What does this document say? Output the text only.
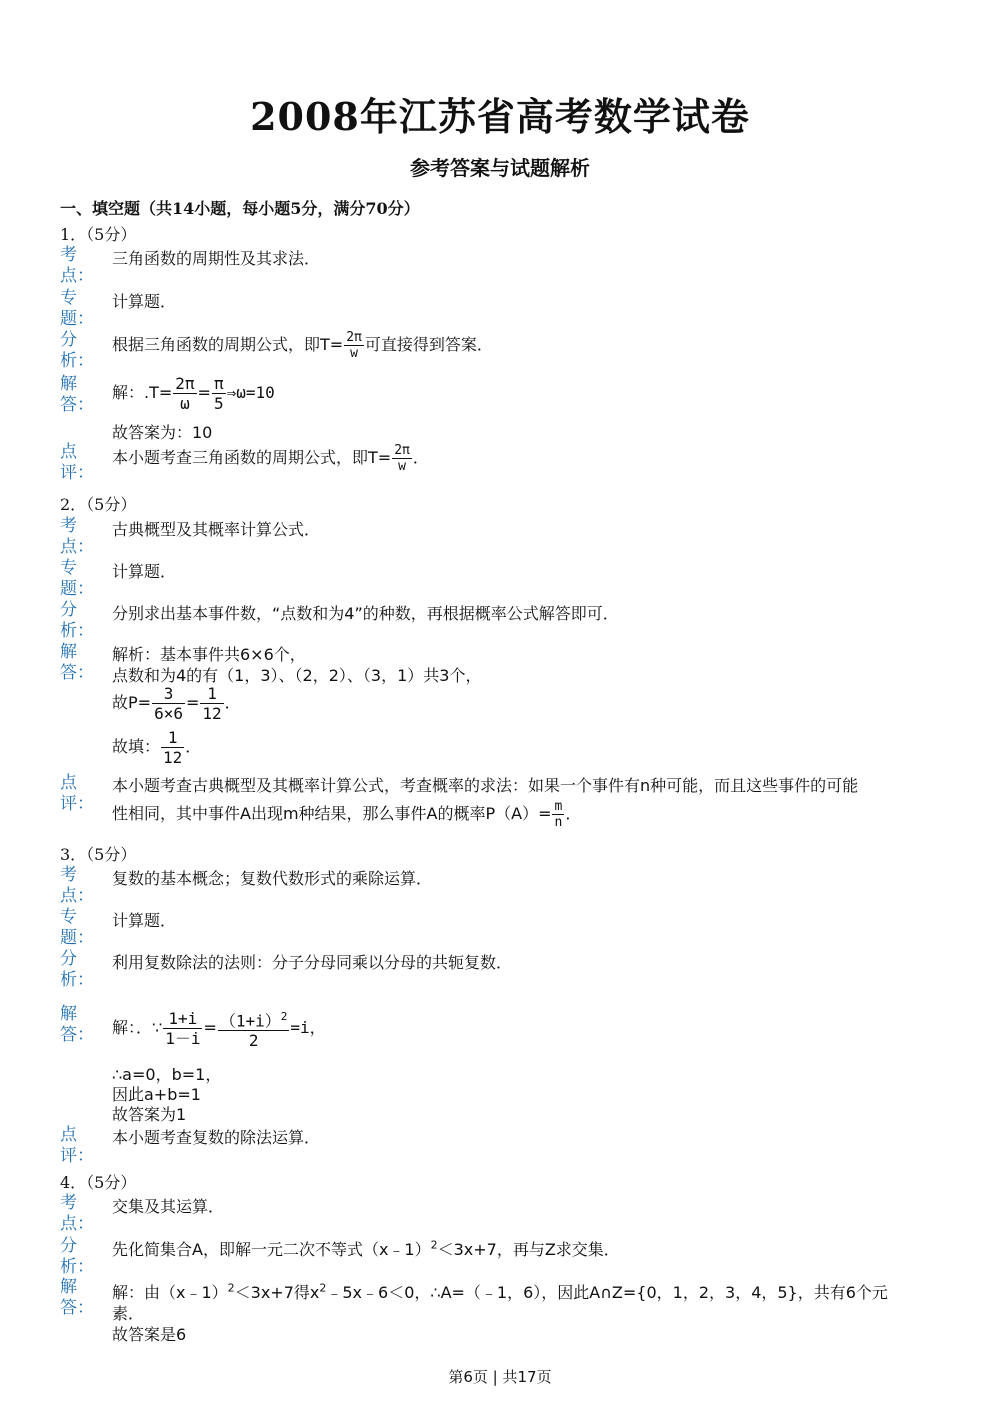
2008年江苏省高考数学试卷
参考答案与试题解析
一、填空题（共14小题，每小题5分，满分70分）
1．（5分）
考
点：
三角函数的周期性及其求法．
专
题：
计算题．
分
析：
根据三角函数的周期公式，即$T= \frac{2\pi}{w}$ 可直接得到答案．
解
答：
解：$.T= \frac{2\pi}{\omega} = \frac{\pi}{5}$ ⇒ω=10
故答案为：10
点
评：
本小题考查三角函数的周期公式，即$T= \frac{2\pi}{w}$ ．
2．（5分）
考
点：
古典概型及其概率计算公式．
专
题：
计算题．
分
析：
分别求出基本事件数，“点数和为4”的种数，再根据概率公式解答即可．
解
答：
解析：基本事件共6×6个，
点数和为4的有（1，3）、（2，2）、（3，1）共3个，
故$P= \frac{3}{6\times 6} = \frac{1}{12}$ ．
故填： $\frac{1}{12}$ ．
点
评：
本小题考查古典概型及其概率计算公式，考查概率的求法：如果一个事件有n种可能，而且这些事件的可能
性相同，其中事件A出现m种结果，那么事件A的概率$P(A)= \frac{m}{n}$ ．
3．（5分）
考
点：
复数的基本概念；复数代数形式的乘除运算．
专
题：
计算题．
分
析：
利用复数除法的法则：分子分母同乘以分母的共轭复数．
解
答： 解：．∵ $\frac{1+i}{1-i} = \frac{(1+i)^2}{2} =i$，
∴a=0，b=1，
因此a+b=1
故答案为1
点
评：
本小题考查复数的除法运算．
4．（5分）
考
点：
交集及其运算．
分
析：
先化简集合A，即解一元二次不等式（x﹣1）$^2$＜3x+7，再与Z求交集．
解
答：
解：由（x﹣1）$^2$＜3x+7得$x^2﹣5x﹣6<0$，∴A=（﹣1，6），因此A∩Z={0，1，2，3，4，5}，共有6个元
素．
故答案是6
第6页 | 共17页
